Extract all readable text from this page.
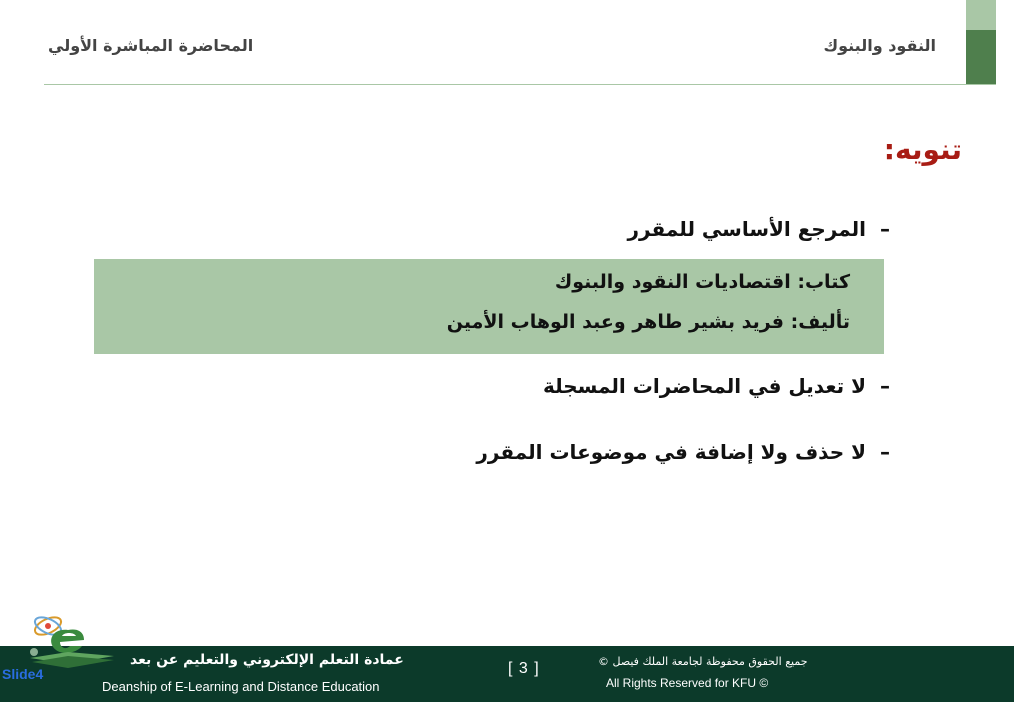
المحاضرة المباشرة الأولي	النقود والبنوك
تنويه:
–المرجع الأساسي للمقرر
كتاب: اقتصاديات النقود والبنوك
تأليف: فريد بشير طاهر وعبد الوهاب الأمين
–لا تعديل في المحاضرات المسجلة
–لا حذف ولا إضافة في موضوعات المقرر
عمادة التعلم الإلكتروني والتعليم عن بعد
Deanship of E-Learning and Distance Education
[ 3 ]	جميع الحقوق محفوظة لجامعة الملك فيصل ©
All Rights Reserved for KFU ©
Slide4
